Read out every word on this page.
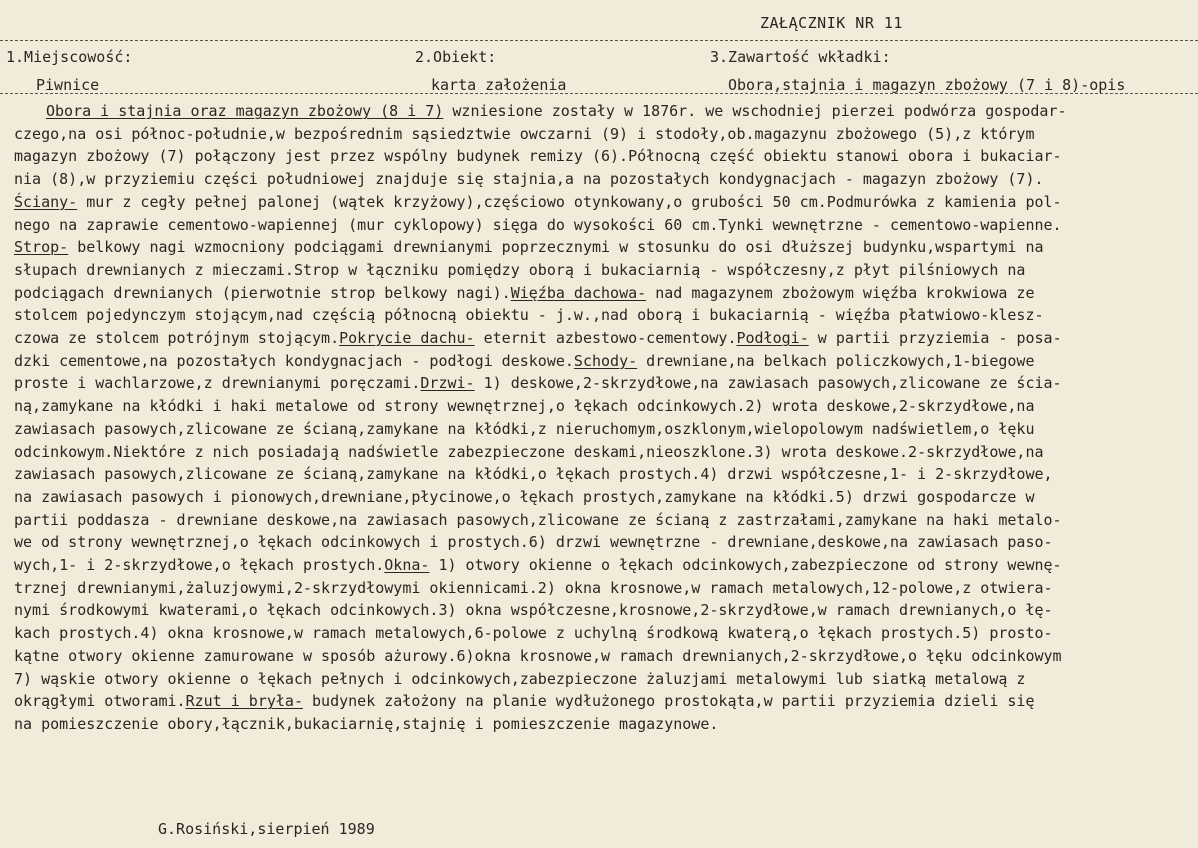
ZAŁĄCZNIK NR 11
1.Miejscowość:
Piwnice
2.Obiekt:
karta założenia
3.Zawartość wkładki:
Obora,stajnia i magazyn zbożowy (7 i 8)-opis
Obora i stajnia oraz magazyn zbożowy (8 i 7) wzniesione zostały w 1876r. we wschodniej pierzei podwórza gospodar-
czego,na osi północ-południe,w bezpośrednim sąsiedztwie owczarni (9) i stodoły,ob.magazynu zbożowego (5),z którym
magazyn zbożowy (7) połączony jest przez wspólny budynek remizy (6).Północną część obiektu stanowi obora i bukaciar-
nia (8),w przyziemiu części południowej znajduje się stajnia,a na pozostałych kondygnacjach - magazyn zbożowy (7).
Ściany- mur z cegły pełnej palonej (wątek krzyżowy),częściowo otynkowany,o grubości 50 cm.Podmurówka z kamienia pol-
nego na zaprawie cementowo-wapiennej (mur cyklopowy) sięga do wysokości 60 cm.Tynki wewnętrzne - cementowo-wapienne.
Strop- belkowy nagi wzmocniony podciągami drewnianymi poprzecznymi w stosunku do osi dłuższej budynku,wspartymi na
słupach drewnianych z mieczami.Strop w łączniku pomiędzy oborą i bukaciarnią - współczesny,z płyt pilśniowych na
podciągach drewnianych (pierwotnie strop belkowy nagi).Więźba dachowa- nad magazynem zbożowym więźba krokwiowa ze
stolcem pojedynczym stojącym,nad częścią północną obiektu - j.w.,nad oborą i bukaciarnią - więźba płatwiowo-klesz-
czowa ze stolcem potrójnym stojącym.Pokrycie dachu- eternit azbestowo-cementowy.Podłogi- w partii przyziemia - posa-
dzki cementowe,na pozostałych kondygnacjach - podłogi deskowe.Schody- drewniane,na belkach policzkowych,1-biegowe
proste i wachlarzowe,z drewnianymi poręczami.Drzwi- 1) deskowe,2-skrzydłowe,na zawiasach pasowych,zlicowane ze ścia-
ną,zamykane na kłódki i haki metalowe od strony wewnętrznej,o łękach odcinkowych.2) wrota deskowe,2-skrzydłowe,na
zawiasach pasowych,zlicowane ze ścianą,zamykane na kłódki,z nieruchomym,oszklonym,wielopolowym nadświetlem,o łęku
odcinkowym.Niektóre z nich posiadają nadświetle zabezpieczone deskami,nieoszklone.3) wrota deskowe.2-skrzydłowe,na
zawiasach pasowych,zlicowane ze ścianą,zamykane na kłódki,o łękach prostych.4) drzwi współczesne,1- i 2-skrzydłowe,
na zawiasach pasowych i pionowych,drewniane,płycinowe,o łękach prostych,zamykane na kłódki.5) drzwi gospodarcze w
partii poddasza - drewniane deskowe,na zawiasach pasowych,zlicowane ze ścianą z zastrzałami,zamykane na haki metalo-
we od strony wewnętrznej,o łękach odcinkowych i prostych.6) drzwi wewnętrzne - drewniane,deskowe,na zawiasach paso-
wych,1- i 2-skrzydłowe,o łękach prostych.Okna- 1) otwory okienne o łękach odcinkowych,zabezpieczone od strony wewnę-
trznej drewnianymi,żaluzjowymi,2-skrzydłowymi okiennicami.2) okna krosnowe,w ramach metalowych,12-polowe,z otwiera-
nymi środkowymi kwaterami,o łękach odcinkowych.3) okna współczesne,krosnowe,2-skrzydłowe,w ramach drewnianych,o łę-
kach prostych.4) okna krosnowe,w ramach metalowych,6-polowe z uchylną środkową kwaterą,o łękach prostych.5) prosto-
kątne otwory okienne zamurowane w sposób ażurowy.6)okna krosnowe,w ramach drewnianych,2-skrzydłowe,o łęku odcinkowym
7) wąskie otwory okienne o łękach pełnych i odcinkowych,zabezpieczone żaluzjami metalowymi lub siatką metalową z
okrągłymi otworami.Rzut i bryła- budynek założony na planie wydłużonego prostokąta,w partii przyziemia dzieli się
na pomieszczenie obory,łącznik,bukaciarnię,stajnię i pomieszczenie magazynowe.
G.Rosiński,sierpień 1989
